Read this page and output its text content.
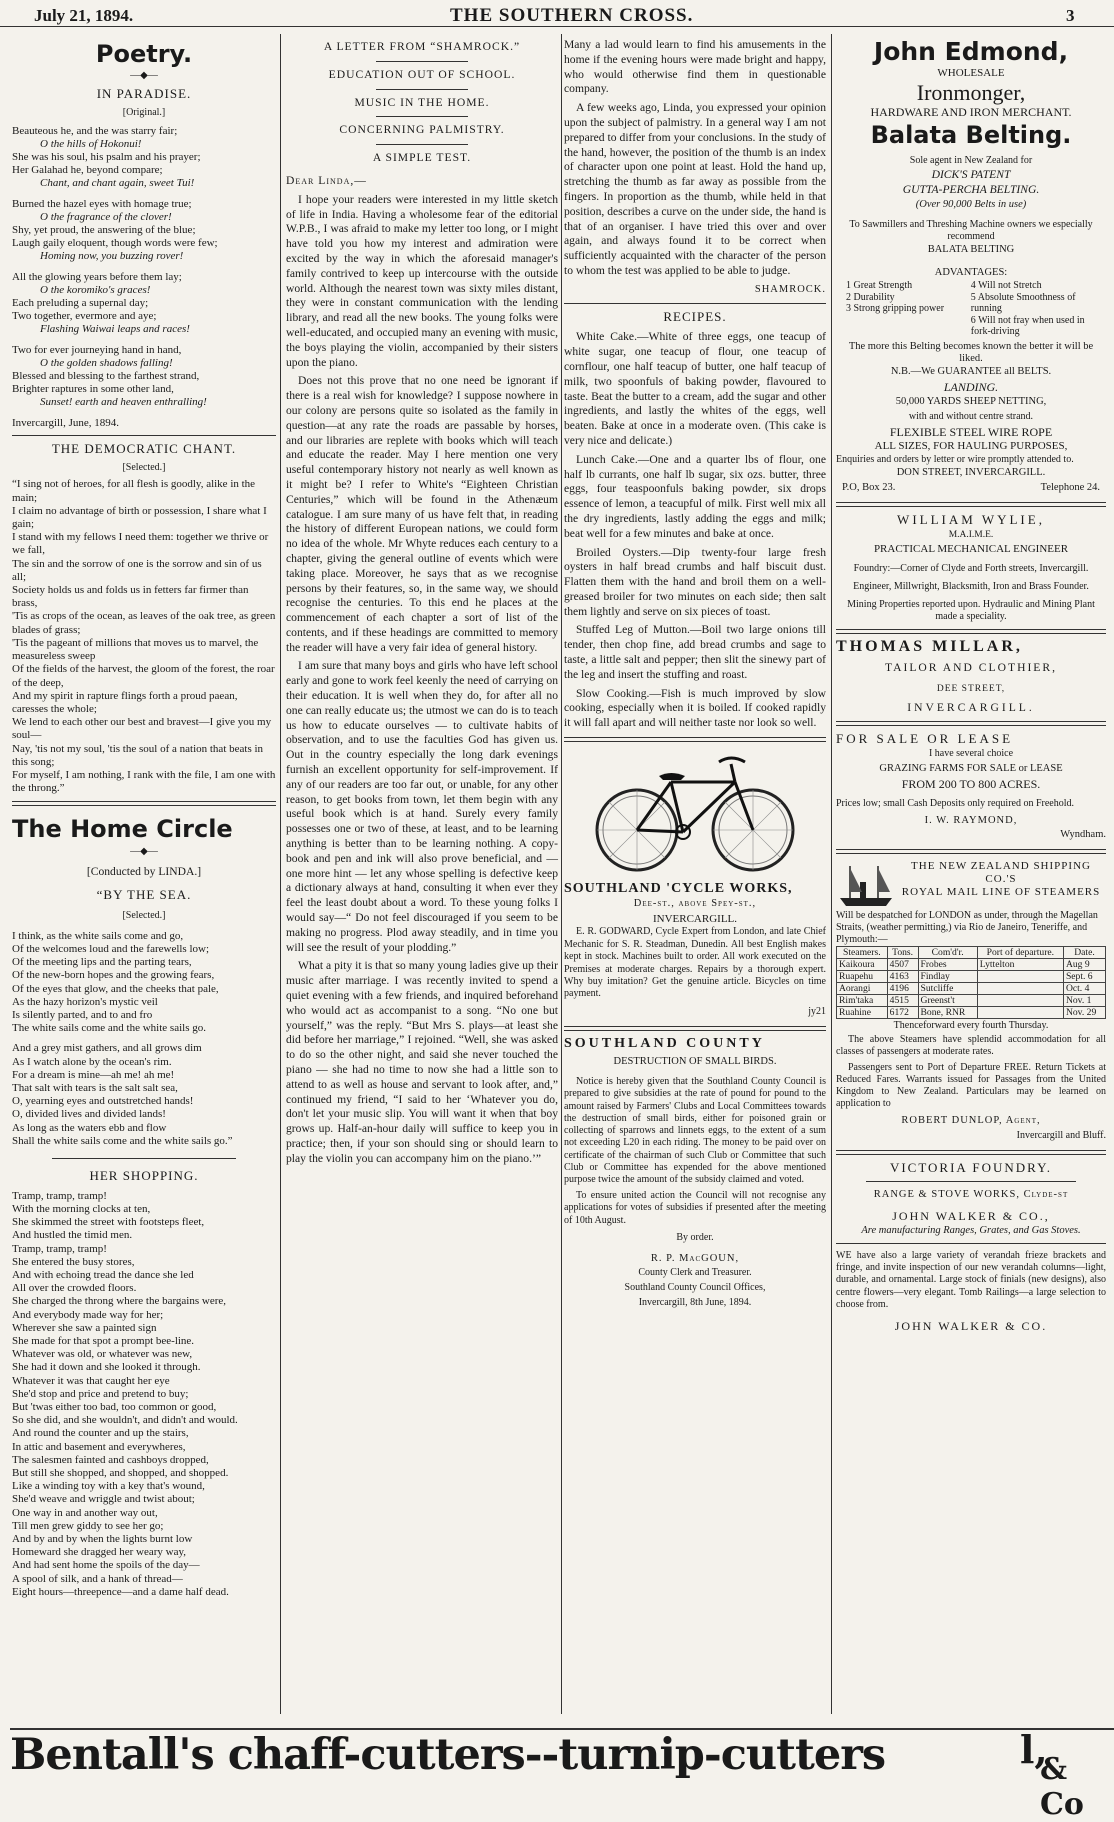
July 21, 1894.	THE SOUTHERN CROSS.	3
Poetry.
—◆—
IN PARADISE.
[Original.]
Beauteous he, and the was starry fair;
O the hills of Hokonui!
She was his soul, his psalm and his prayer;
Her Galahad he, beyond compare;
Chant, and chant again, sweet Tui!
Burned the hazel eyes with homage true;
O the fragrance of the clover!
Shy, yet proud, the answering of the blue;
Laugh gaily eloquent, though words were few;
Homing now, you buzzing rover!
All the glowing years before them lay;
O the koromiko's graces!
Each preluding a supernal day;
Two together, evermore and aye;
Flashing Waiwai leaps and races!
Two for ever journeying hand in hand,
O the golden shadows falling!
Blessed and blessing to the farthest strand,
Brighter raptures in some other land,
Sunset! earth and heaven enthralling!
Invercargill, June, 1894.
THE DEMOCRATIC CHANT.
[Selected.]
“I sing not of heroes, for all flesh is goodly, alike in the main;
I claim no advantage of birth or possession, I share what I gain;
I stand with my fellows I need them: together we thrive or we fall,
The sin and the sorrow of one is the sorrow and sin of us all;
Society holds us and folds us in fetters far firmer than brass,
'Tis as crops of the ocean, as leaves of the oak tree, as green blades of grass;
'Tis the pageant of millions that moves us to marvel, the measureless sweep
Of the fields of the harvest, the gloom of the forest, the roar of the deep,
And my spirit in rapture flings forth a proud paean, caresses the whole;
We lend to each other our best and bravest—I give you my soul—
Nay, 'tis not my soul, 'tis the soul of a nation that beats in this song;
For myself, I am nothing, I rank with the file, I am one with the throng.”
The Home Circle
—◆—
[Conducted by LINDA.]
“BY THE SEA.
[Selected.]
I think, as the white sails come and go,
Of the welcomes loud and the farewells low;
Of the meeting lips and the parting tears,
Of the new-born hopes and the growing fears,
Of the eyes that glow, and the cheeks that pale,
As the hazy horizon's mystic veil
Is silently parted, and to and fro
The white sails come and the white sails go.
And a grey mist gathers, and all grows dim
As I watch alone by the ocean's rim.
For a dream is mine—ah me! ah me!
That salt with tears is the salt salt sea,
O, yearning eyes and outstretched hands!
O, divided lives and divided lands!
As long as the waters ebb and flow
Shall the white sails come and the white sails go.”
HER SHOPPING.
Tramp, tramp, tramp!
With the morning clocks at ten,
She skimmed the street with footsteps fleet,
And hustled the timid men.
Tramp, tramp, tramp!
She entered the busy stores,
And with echoing tread the dance she led
All over the crowded floors.
She charged the throng where the bargains were,
And everybody made way for her;
Wherever she saw a painted sign
She made for that spot a prompt bee-line.
Whatever was old, or whatever was new,
She had it down and she looked it through.
Whatever it was that caught her eye
She'd stop and price and pretend to buy;
But 'twas either too bad, too common or good,
So she did, and she wouldn't, and didn't and would.
And round the counter and up the stairs,
In attic and basement and everywheres,
The salesmen fainted and cashboys dropped,
But still she shopped, and shopped, and shopped.
Like a winding toy with a key that's wound,
She'd weave and wriggle and twist about;
One way in and another way out,
Till men grew giddy to see her go;
And by and by when the lights burnt low
Homeward she dragged her weary way,
And had sent home the spoils of the day—
A spool of silk, and a hank of thread—
Eight hours—threepence—and a dame half dead.
A LETTER FROM “SHAMROCK.”
EDUCATION OUT OF SCHOOL.
MUSIC IN THE HOME.
CONCERNING PALMISTRY.
A SIMPLE TEST.
Dear Linda,—

I hope your readers were interested in my little sketch of life in India. Having a wholesome fear of the editorial W.P.B., I was afraid to make my letter too long, or I might have told you how my interest and admiration were excited by the way in which the aforesaid manager's family contrived to keep up intercourse with the outside world. Although the nearest town was sixty miles distant, they were in constant communication with the lending library, and read all the new books. The young folks were well-educated, and occupied many an evening with music, the boys playing the violin, accompanied by their sisters upon the piano.

Does not this prove that no one need be ignorant if there is a real wish for knowledge? I suppose nowhere in our colony are persons quite so isolated as the family in question—at any rate the roads are passable by horses, and our libraries are replete with books which will teach and educate the reader. May I here mention one very useful contemporary history not nearly as well known as it might be? I refer to White's “Eighteen Christian Centuries,” which will be found in the Athenæum catalogue. I am sure many of us have felt that, in reading the history of different European nations, we could form no idea of the whole. Mr Whyte reduces each century to a chapter, giving the general outline of events which were taking place. Moreover, he says that as we recognise persons by their features, so, in the same way, we should recognise the centuries. To this end he places at the commencement of each chapter a sort of list of the contents, and if these headings are committed to memory the reader will have a very fair idea of general history.

I am sure that many boys and girls who have left school early and gone to work feel keenly the need of carrying on their education. It is well when they do, for after all no one can really educate us; the utmost we can do is to teach us how to educate ourselves — to cultivate habits of observation, and to use the faculties God has given us. Out in the country especially the long dark evenings furnish an excellent opportunity for self-improvement. If any of our readers are too far out, or unable, for any other reason, to get books from town, let them begin with any useful book which is at hand. Surely every family possesses one or two of these, at least, and to be learning anything is better than to be learning nothing. A copy-book and pen and ink will also prove beneficial, and — one more hint — let any whose spelling is defective keep a dictionary always at hand, consulting it when ever they feel the least doubt about a word. To these young folks I would say—“ Do not feel discouraged if you seem to be making no progress. Plod away steadily, and in time you will see the result of your plodding.”

What a pity it is that so many young ladies give up their music after marriage. I was recently invited to spend a quiet evening with a few friends, and inquired beforehand who would act as accompanist to a song. “No one but yourself,” was the reply. “But Mrs S. plays—at least she did before her marriage,” I rejoined. “Well, she was asked to do so the other night, and said she never touched the piano — she had no time to now she had a little son to attend to as well as house and servant to look after, and,” continued my friend, “I said to her ‘Whatever you do, don't let your music slip. You will want it when that boy grows up. Half-an-hour daily will suffice to keep you in practice; then, if your son should sing or should learn to play the violin you can accompany him on the piano.’”

Many a lad would learn to find his amusements in the home if the evening hours were made bright and happy, who would otherwise find them in questionable company.

A few weeks ago, Linda, you expressed your opinion upon the subject of palmistry. In a general way I am not prepared to differ from your conclusions. In the study of the hand, however, the position of the thumb is an index of character upon one point at least. Hold the hand up, stretching the thumb as far away as possible from the fingers. In proportion as the thumb, while held in that position, describes a curve on the under side, the hand is that of an organiser. I have tried this over and over again, and always found it to be correct when sufficiently acquainted with the character of the person to whom the test was applied to be able to judge.

SHAMROCK.
RECIPES.

White Cake.—White of three eggs, one teacup of white sugar, one teacup of flour, one teacup of cornflour, one half teacup of butter, one half teacup of milk, two spoonfuls of baking powder, flavoured to taste. Beat the butter to a cream, add the sugar and other ingredients, and lastly the whites of the eggs, well beaten. Bake at once in a moderate oven. (This cake is very nice and delicate.)

Lunch Cake.—One and a quarter lbs of flour, one half lb currants, one half lb sugar, six ozs. butter, three eggs, four teaspoonfuls baking powder, six drops essence of lemon, a teacupful of milk. First well mix all the dry ingredients, lastly adding the eggs and milk; beat well for a few minutes and bake at once.

Broiled Oysters.—Dip twenty-four large fresh oysters in half bread crumbs and half biscuit dust. Flatten them with the hand and broil them on a well-greased broiler for two minutes on each side; then salt them lightly and serve on six pieces of toast.

Stuffed Leg of Mutton.—Boil two large onions till tender, then chop fine, add bread crumbs and sage to taste, a little salt and pepper; then slit the sinewy part of the leg and insert the stuffing and roast.

Slow Cooking.—Fish is much improved by slow cooking, especially when it is boiled. If cooked rapidly it will fall apart and will neither taste nor look so well.

SOUTHLAND 'CYCLE WORKS,
Dee-st., above Spey-st.,
INVERCARGILL.

E. R. GODWARD, Cycle Expert from London, and late Chief Mechanic for S. R. Steadman, Dunedin. All best English makes kept in stock. Machines built to order. All work executed on the Premises at moderate charges. Repairs by a thorough expert. Why buy imitation? Get the genuine article. Bicycles on time payment.

jy21
SOUTHLAND COUNTY
DESTRUCTION OF SMALL BIRDS.

Notice is hereby given that the Southland County Council is prepared to give subsidies at the rate of pound for pound to the amount raised by Farmers' Clubs and Local Committees towards the destruction of small birds, either for poisoned grain or collecting of sparrows and linnets eggs, to the extent of a sum not exceeding L20 in each riding. The money to be paid over on certificate of the chairman of such Club or Committee that such Club or Committee has expended for the above mentioned purpose twice the amount of the subsidy claimed and voted.

To ensure united action the Council will not recognise any applications for votes of subsidies if presented after the meeting of 10th August.

By order.
R. P. MacGOUN,
County Clerk and Treasurer.
Southland County Council Offices,
Invercargill, 8th June, 1894.
John Edmond,
WHOLESALE
Ironmonger,
HARDWARE AND IRON MERCHANT.
Balata Belting.
Sole agent in New Zealand for
DICK'S PATENT
GUTTA-PERCHA BELTING.
(Over 90,000 Belts in use)
To Sawmillers and Threshing Machine owners we especially recommend
BALATA BELTING
ADVANTAGES:
1 Great Strength
2 Durability
3 Strong gripping power
4 Will not Stretch
5 Absolute Smoothness of running
6 Will not fray when used in fork-driving
The more this Belting becomes known the better it will be liked.
N.B.—We GUARANTEE all BELTS.
LANDING.
50,000 YARDS SHEEP NETTING,
with and without centre strand.
FLEXIBLE STEEL WIRE ROPE
ALL SIZES, FOR HAULING PURPOSES,
Enquiries and orders by letter or wire promptly attended to.
DON STREET, INVERCARGILL.
P.O, Box 23.	Telephone 24.
WILLIAM WYLIE,
M.A.I.M.E.
PRACTICAL MECHANICAL ENGINEER
Foundry:—Corner of Clyde and Forth streets, Invercargill.
Engineer, Millwright, Blacksmith, Iron and Brass Founder.
Mining Properties reported upon. Hydraulic and Mining Plant made a speciality.
THOMAS MILLAR,
TAILOR AND CLOTHIER,
DEE STREET,
INVERCARGILL.
FOR SALE OR LEASE
I have several choice
GRAZING FARMS FOR SALE or LEASE
FROM 200 TO 800 ACRES.
Prices low; small Cash Deposits only required on Freehold.
I. W. RAYMOND,
Wyndham.
THE NEW ZEALAND SHIPPING CO.'S
ROYAL MAIL LINE OF STEAMERS
Will be despatched for LONDON as under, through the Magellan Straits, (weather permitting,) via Rio de Janeiro, Teneriffe, and Plymouth:—
Steamers.	Tons.	Com'd'r.	Port of departure.	Date.
Kaikoura	4507	Frobes	Lyttelton	Aug 9
Ruapehu	4163	Findlay		Sept. 6
Aorangi	4196	Sutcliffe		Oct. 4
Rim'taka	4515	Greenst't		Nov. 1
Ruahine	6172	Bone, RNR		Nov. 29
Thenceforward every fourth Thursday.

The above Steamers have splendid accommodation for all classes of passengers at moderate rates.

Passengers sent to Port of Departure FREE. Return Tickets at Reduced Fares. Warrants issued for Passages from the United Kingdom to New Zealand. Particulars may be learned on application to

ROBERT DUNLOP, Agent,
Invercargill and Bluff.
VICTORIA FOUNDRY.
RANGE & STOVE WORKS, Clyde-st
JOHN WALKER & CO.,
Are manufacturing Ranges, Grates, and Gas Stoves.
WE have also a large variety of verandah frieze brackets and fringe, and invite inspection of our new verandah columns—light, durable, and ornamental. Large stock of finials (new designs), also centre flowers—very elegant. Tomb Railings—a large selection to choose from.
JOHN WALKER & CO.
Bentall's chaff-cutters--turnip-cutters	l,
& Co
